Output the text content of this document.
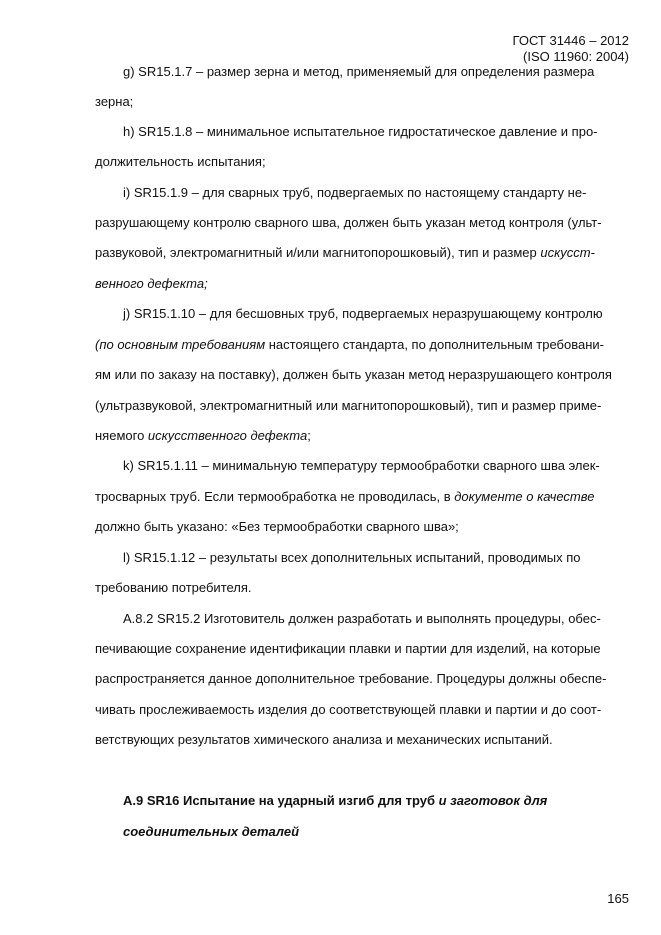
ГОСТ 31446 – 2012
(ISO 11960: 2004)
g) SR15.1.7 – размер зерна и метод, применяемый для определения размера
зерна;
h) SR15.1.8 – минимальное испытательное гидростатическое давление и про-
должительность испытания;
i) SR15.1.9 – для сварных труб, подвергаемых по настоящему стандарту не-
разрушающему контролю сварного шва, должен быть указан метод контроля (ульт-
развуковой, электромагнитный и/или магнитопорошковый), тип и размер искусст-
венного дефекта;
j) SR15.1.10 – для бесшовных труб, подвергаемых неразрушающему контролю
(по основным требованиям настоящего стандарта, по дополнительным требовани-
ям или по заказу на поставку), должен быть указан метод неразрушающего контроля
(ультразвуковой, электромагнитный или магнитопорошковый), тип и размер приме-
няемого искусственного дефекта;
k) SR15.1.11 – минимальную температуру термообработки сварного шва элек-
тросварных труб. Если термообработка не проводилась, в документе о качестве
должно быть указано: «Без термообработки сварного шва»;
l) SR15.1.12 – результаты всех дополнительных испытаний, проводимых по
требованию потребителя.
А.8.2 SR15.2 Изготовитель должен разработать и выполнять процедуры, обес-
печивающие сохранение идентификации плавки и партии для изделий, на которые
распространяется данное дополнительное требование. Процедуры должны обеспе-
чивать прослеживаемость изделия до соответствующей плавки и партии и до соот-
ветствующих результатов химического анализа и механических испытаний.
А.9 SR16 Испытание на ударный изгиб для труб и заготовок для
соединительных деталей
165
